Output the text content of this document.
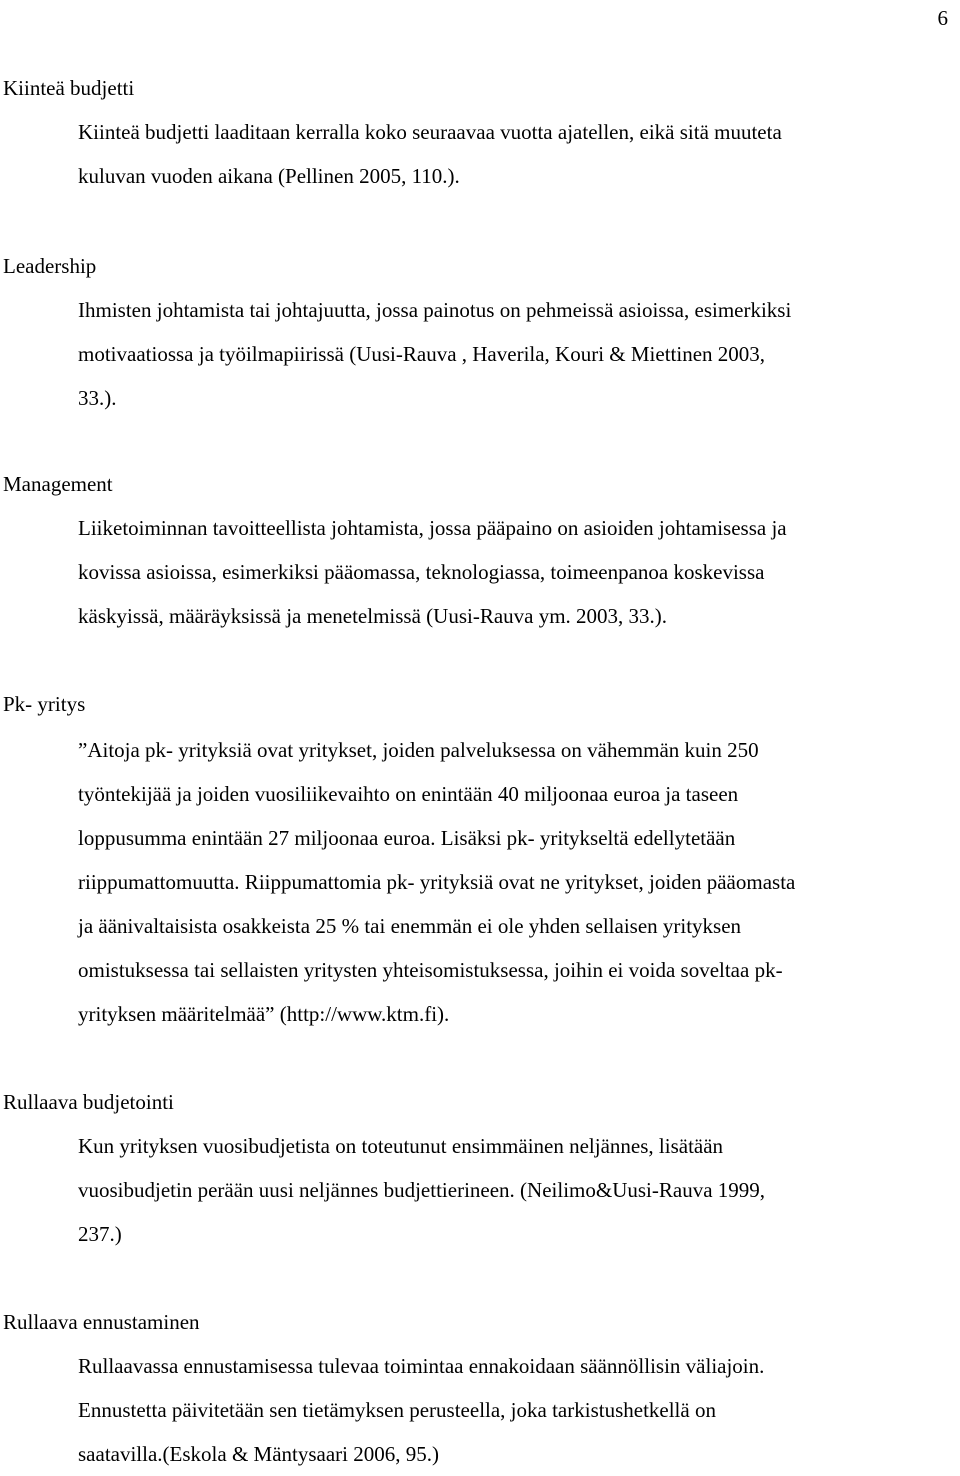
6
Kiinteä budjetti

Kiinteä budjetti laaditaan kerralla koko seuraavaa vuotta ajatellen, eikä sitä muuteta
kuluvan vuoden aikana (Pellinen 2005, 110.).

Leadership

Ihmisten johtamista tai johtajuutta, jossa painotus on pehmeissä asioissa, esimerkiksi
motivaatiossa ja työilmapiirissä (Uusi-Rauva , Haverila, Kouri & Miettinen 2003,
33.).

Management

Liiketoiminnan tavoitteellista johtamista, jossa pääpaino on asioiden johtamisessa ja
kovissa asioissa, esimerkiksi pääomassa, teknologiassa, toimeenpanoa koskevissa
käskyissä, määräyksissä ja menetelmissä (Uusi-Rauva ym. 2003, 33.).

Pk- yritys

”Aitoja pk- yrityksiä ovat yritykset, joiden palveluksessa on vähemmän kuin 250
työntekijää ja joiden vuosiliikevaihto on enintään 40 miljoonaa euroa ja taseen
loppusumma enintään 27 miljoonaa euroa. Lisäksi pk- yritykseltä edellytetään
riippumattomuutta. Riippumattomia pk- yrityksiä ovat ne yritykset, joiden pääomasta
ja äänivaltaisista osakkeista 25 % tai enemmän ei ole yhden sellaisen yrityksen
omistuksessa tai sellaisten yritysten yhteisomistuksessa, joihin ei voida soveltaa pk-
yrityksen määritelmää” (http://www.ktm.fi).

Rullaava budjetointi

Kun yrityksen vuosibudjetista on toteutunut ensimmäinen neljännes, lisätään
vuosibudjetin perään uusi neljännes budjettierineen. (Neilimo&Uusi-Rauva 1999,
237.)

Rullaava ennustaminen

Rullaavassa ennustamisessa tulevaa toimintaa ennakoidaan säännöllisin väliajoin.
Ennustetta päivitetään sen tietämyksen perusteella, joka tarkistushetkellä on
saatavilla.(Eskola & Mäntysaari 2006, 95.)
